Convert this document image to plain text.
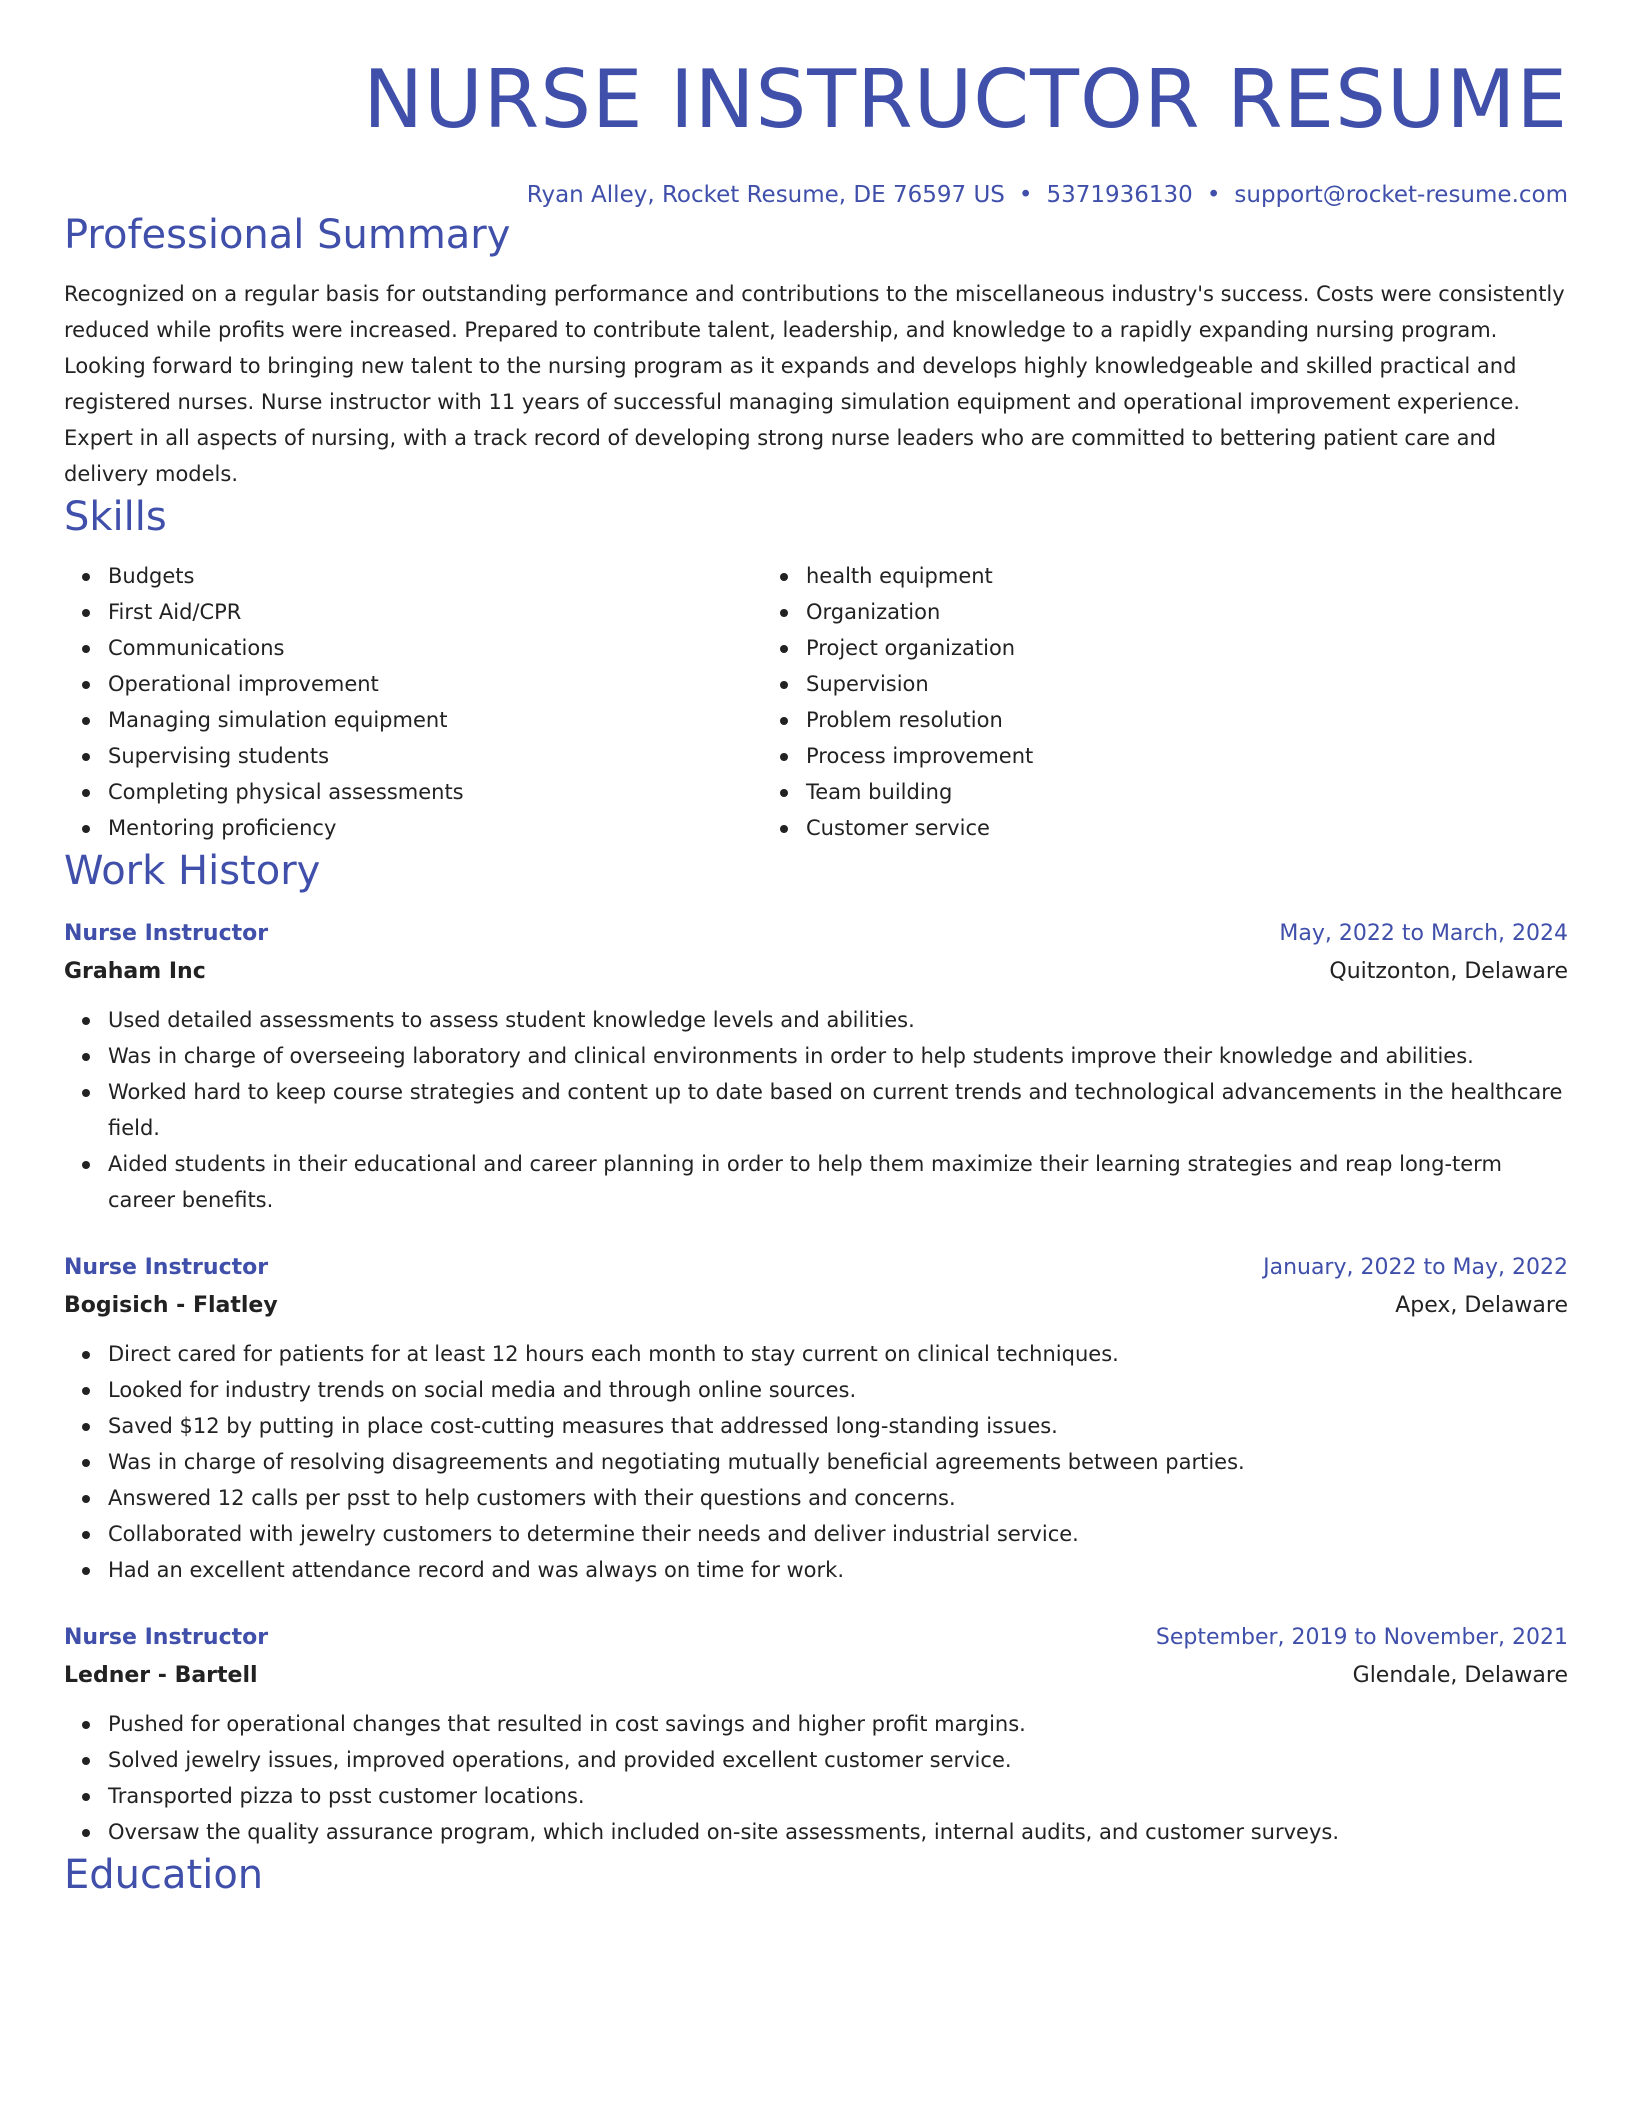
NURSE INSTRUCTOR RESUME
Ryan Alley, Rocket Resume, DE 76597 US • 5371936130 • support@rocket-resume.com
Professional Summary

Recognized on a regular basis for outstanding performance and contributions to the miscellaneous industry's success. Costs were consistently reduced while profits were increased. Prepared to contribute talent, leadership, and knowledge to a rapidly expanding nursing program. Looking forward to bringing new talent to the nursing program as it expands and develops highly knowledgeable and skilled practical and registered nurses. Nurse instructor with 11 years of successful managing simulation equipment and operational improvement experience. Expert in all aspects of nursing, with a track record of developing strong nurse leaders who are committed to bettering patient care and delivery models.

Skills
Budgets
First Aid/CPR
Communications
Operational improvement
Managing simulation equipment
Supervising students
Completing physical assessments
Mentoring proficiency
health equipment
Organization
Project organization
Supervision
Problem resolution
Process improvement
Team building
Customer service
Work History
Nurse Instructor	May, 2022 to March, 2024
Graham Inc	Quitzonton, Delaware
Used detailed assessments to assess student knowledge levels and abilities.
Was in charge of overseeing laboratory and clinical environments in order to help students improve their knowledge and abilities.
Worked hard to keep course strategies and content up to date based on current trends and technological advancements in the healthcare field.
Aided students in their educational and career planning in order to help them maximize their learning strategies and reap long-term career benefits.
Nurse Instructor	January, 2022 to May, 2022
Bogisich - Flatley	Apex, Delaware
Direct cared for patients for at least 12 hours each month to stay current on clinical techniques.
Looked for industry trends on social media and through online sources.
Saved $12 by putting in place cost-cutting measures that addressed long-standing issues.
Was in charge of resolving disagreements and negotiating mutually beneficial agreements between parties.
Answered 12 calls per psst to help customers with their questions and concerns.
Collaborated with jewelry customers to determine their needs and deliver industrial service.
Had an excellent attendance record and was always on time for work.
Nurse Instructor	September, 2019 to November, 2021
Ledner - Bartell	Glendale, Delaware
Pushed for operational changes that resulted in cost savings and higher profit margins.
Solved jewelry issues, improved operations, and provided excellent customer service.
Transported pizza to psst customer locations.
Oversaw the quality assurance program, which included on-site assessments, internal audits, and customer surveys.
Education
